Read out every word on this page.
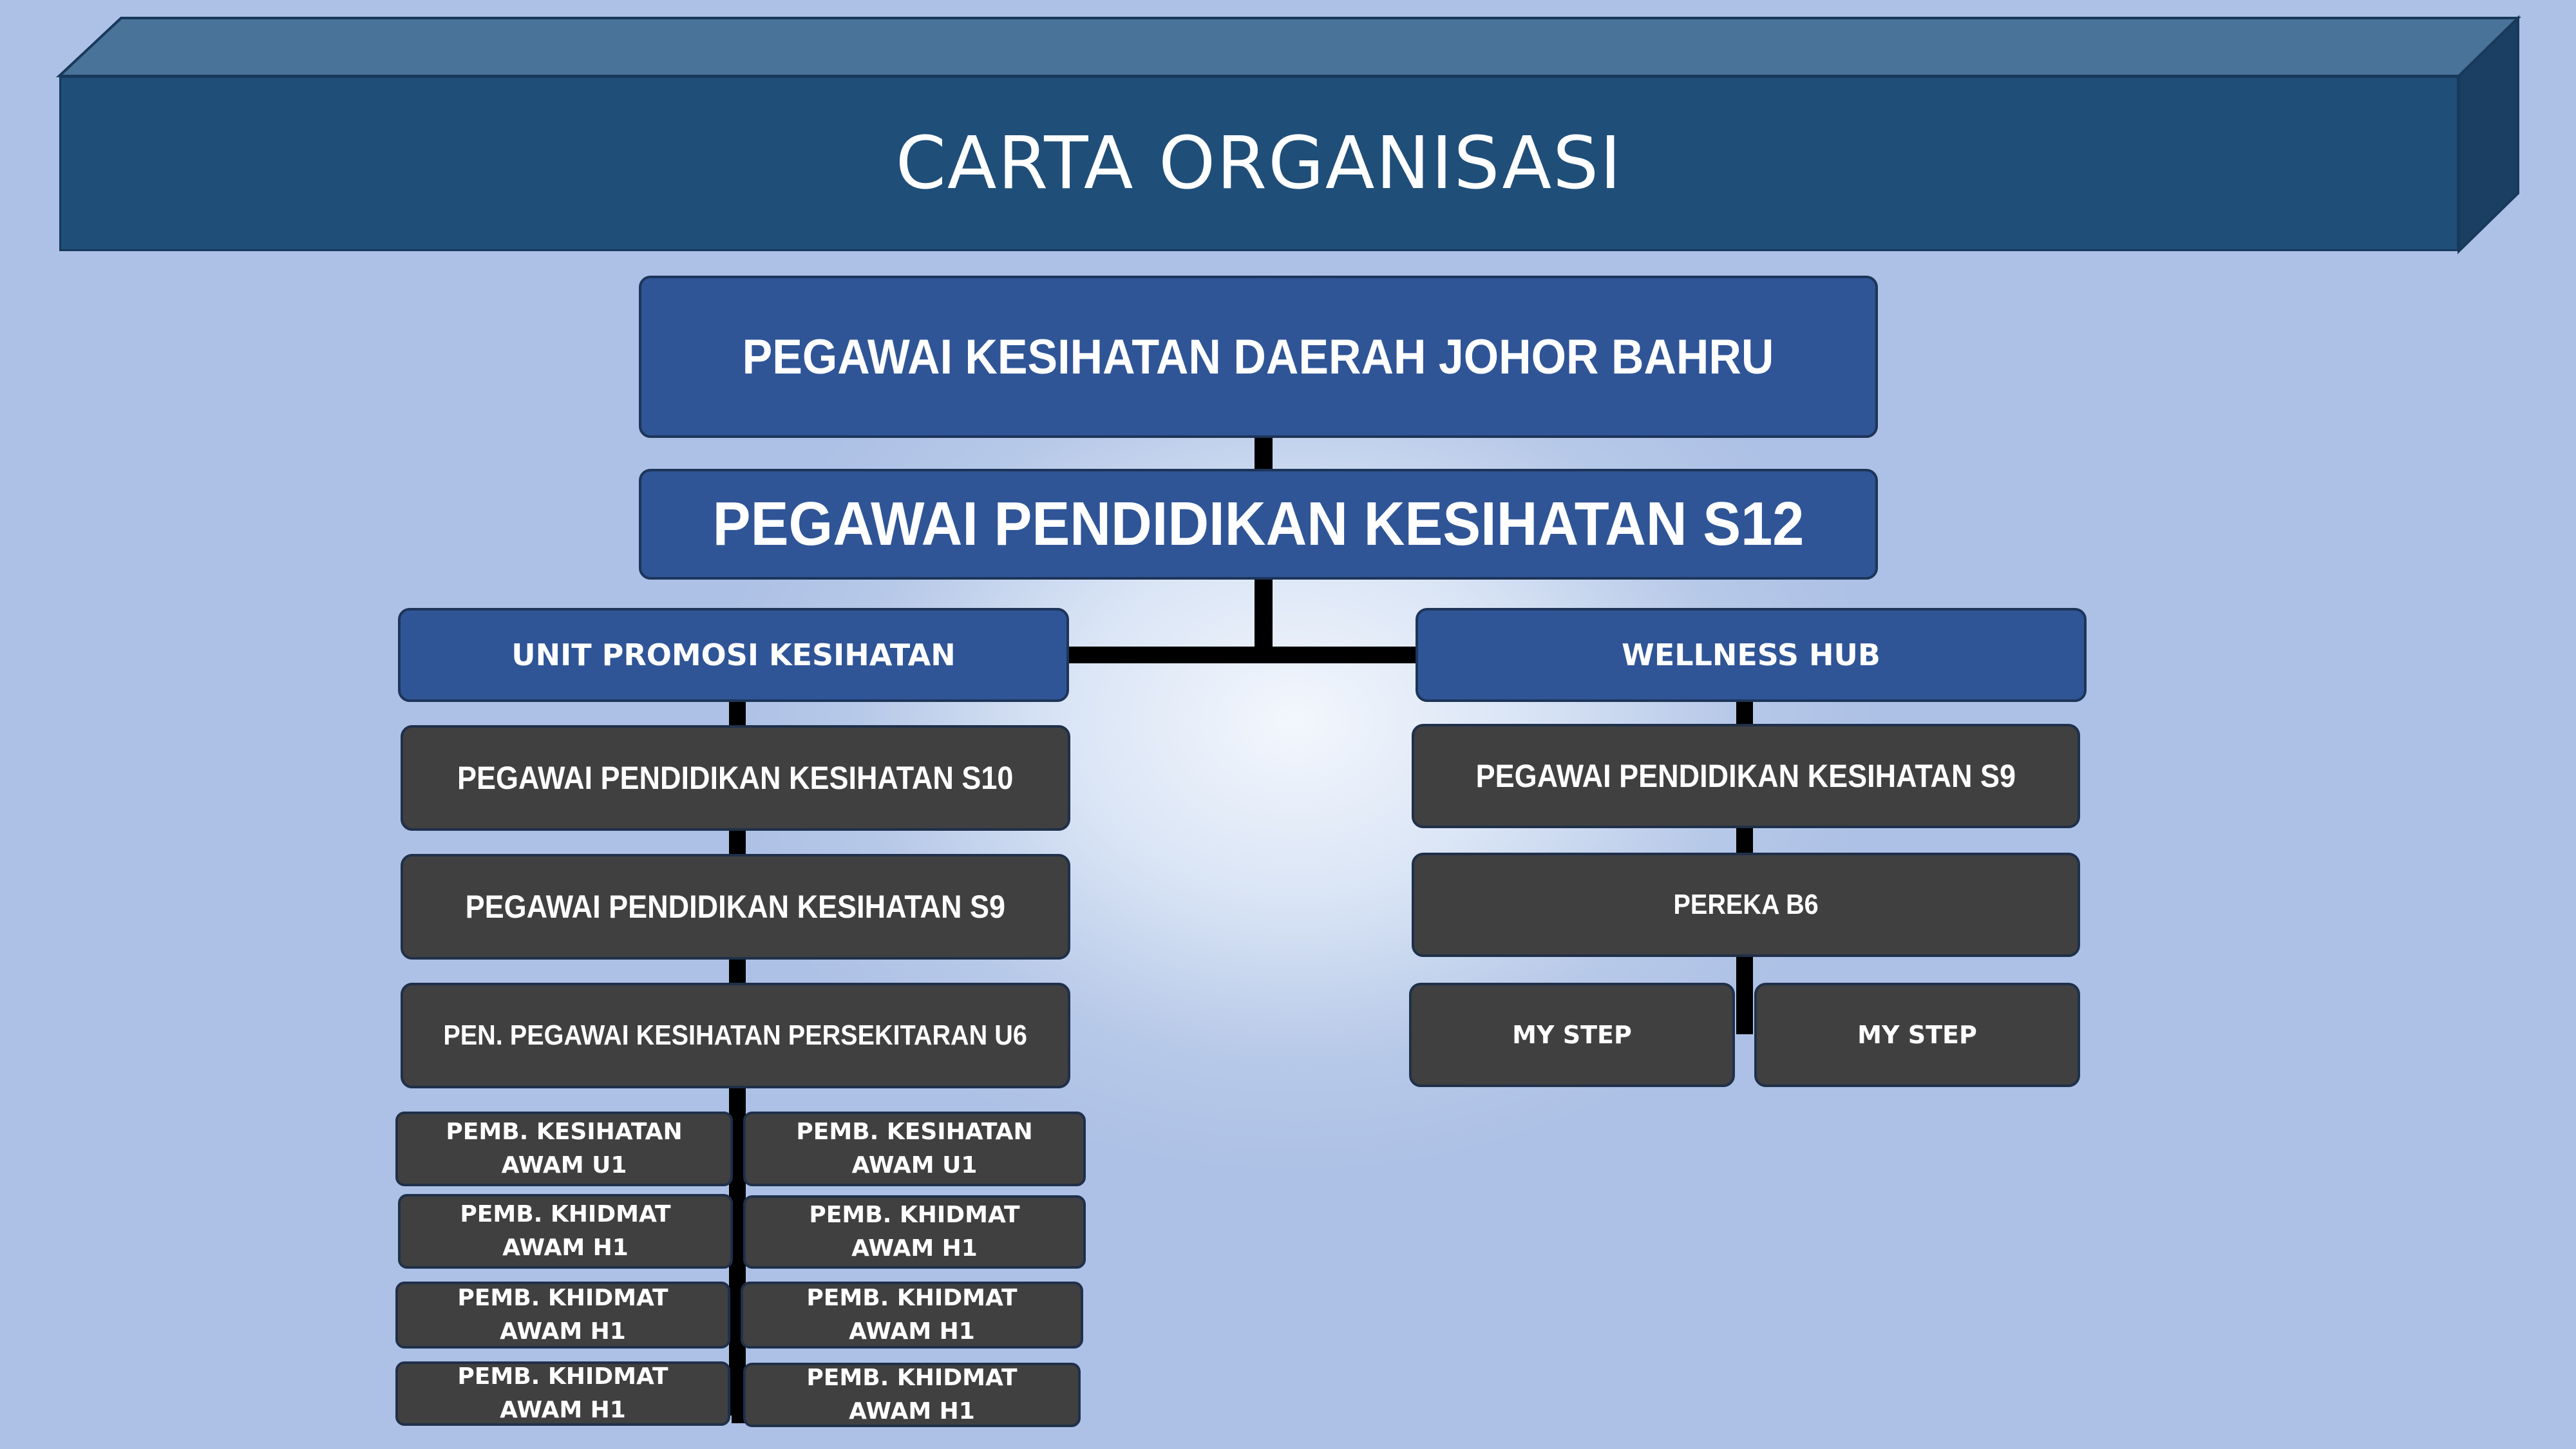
CARTA ORGANISASI
PEGAWAI KESIHATAN DAERAH JOHOR BAHRU
PEGAWAI PENDIDIKAN KESIHATAN S12
UNIT PROMOSI KESIHATAN	WELLNESS HUB
PEGAWAI PENDIDIKAN KESIHATAN S10
PEGAWAI PENDIDIKAN KESIHATAN S9
PEN. PEGAWAI KESIHATAN PERSEKITARAN U6
PEMB. KESIHATAN
AWAM U1
PEMB. KHIDMAT
AWAM H1
PEMB. KHIDMAT
AWAM H1
PEMB. KHIDMAT
AWAM H1
PEMB. KESIHATAN
AWAM U1
PEMB. KHIDMAT
AWAM H1
PEMB. KHIDMAT
AWAM H1
PEMB. KHIDMAT
AWAM H1
PEGAWAI PENDIDIKAN KESIHATAN S9
PEREKA B6
MY STEP	MY STEP
